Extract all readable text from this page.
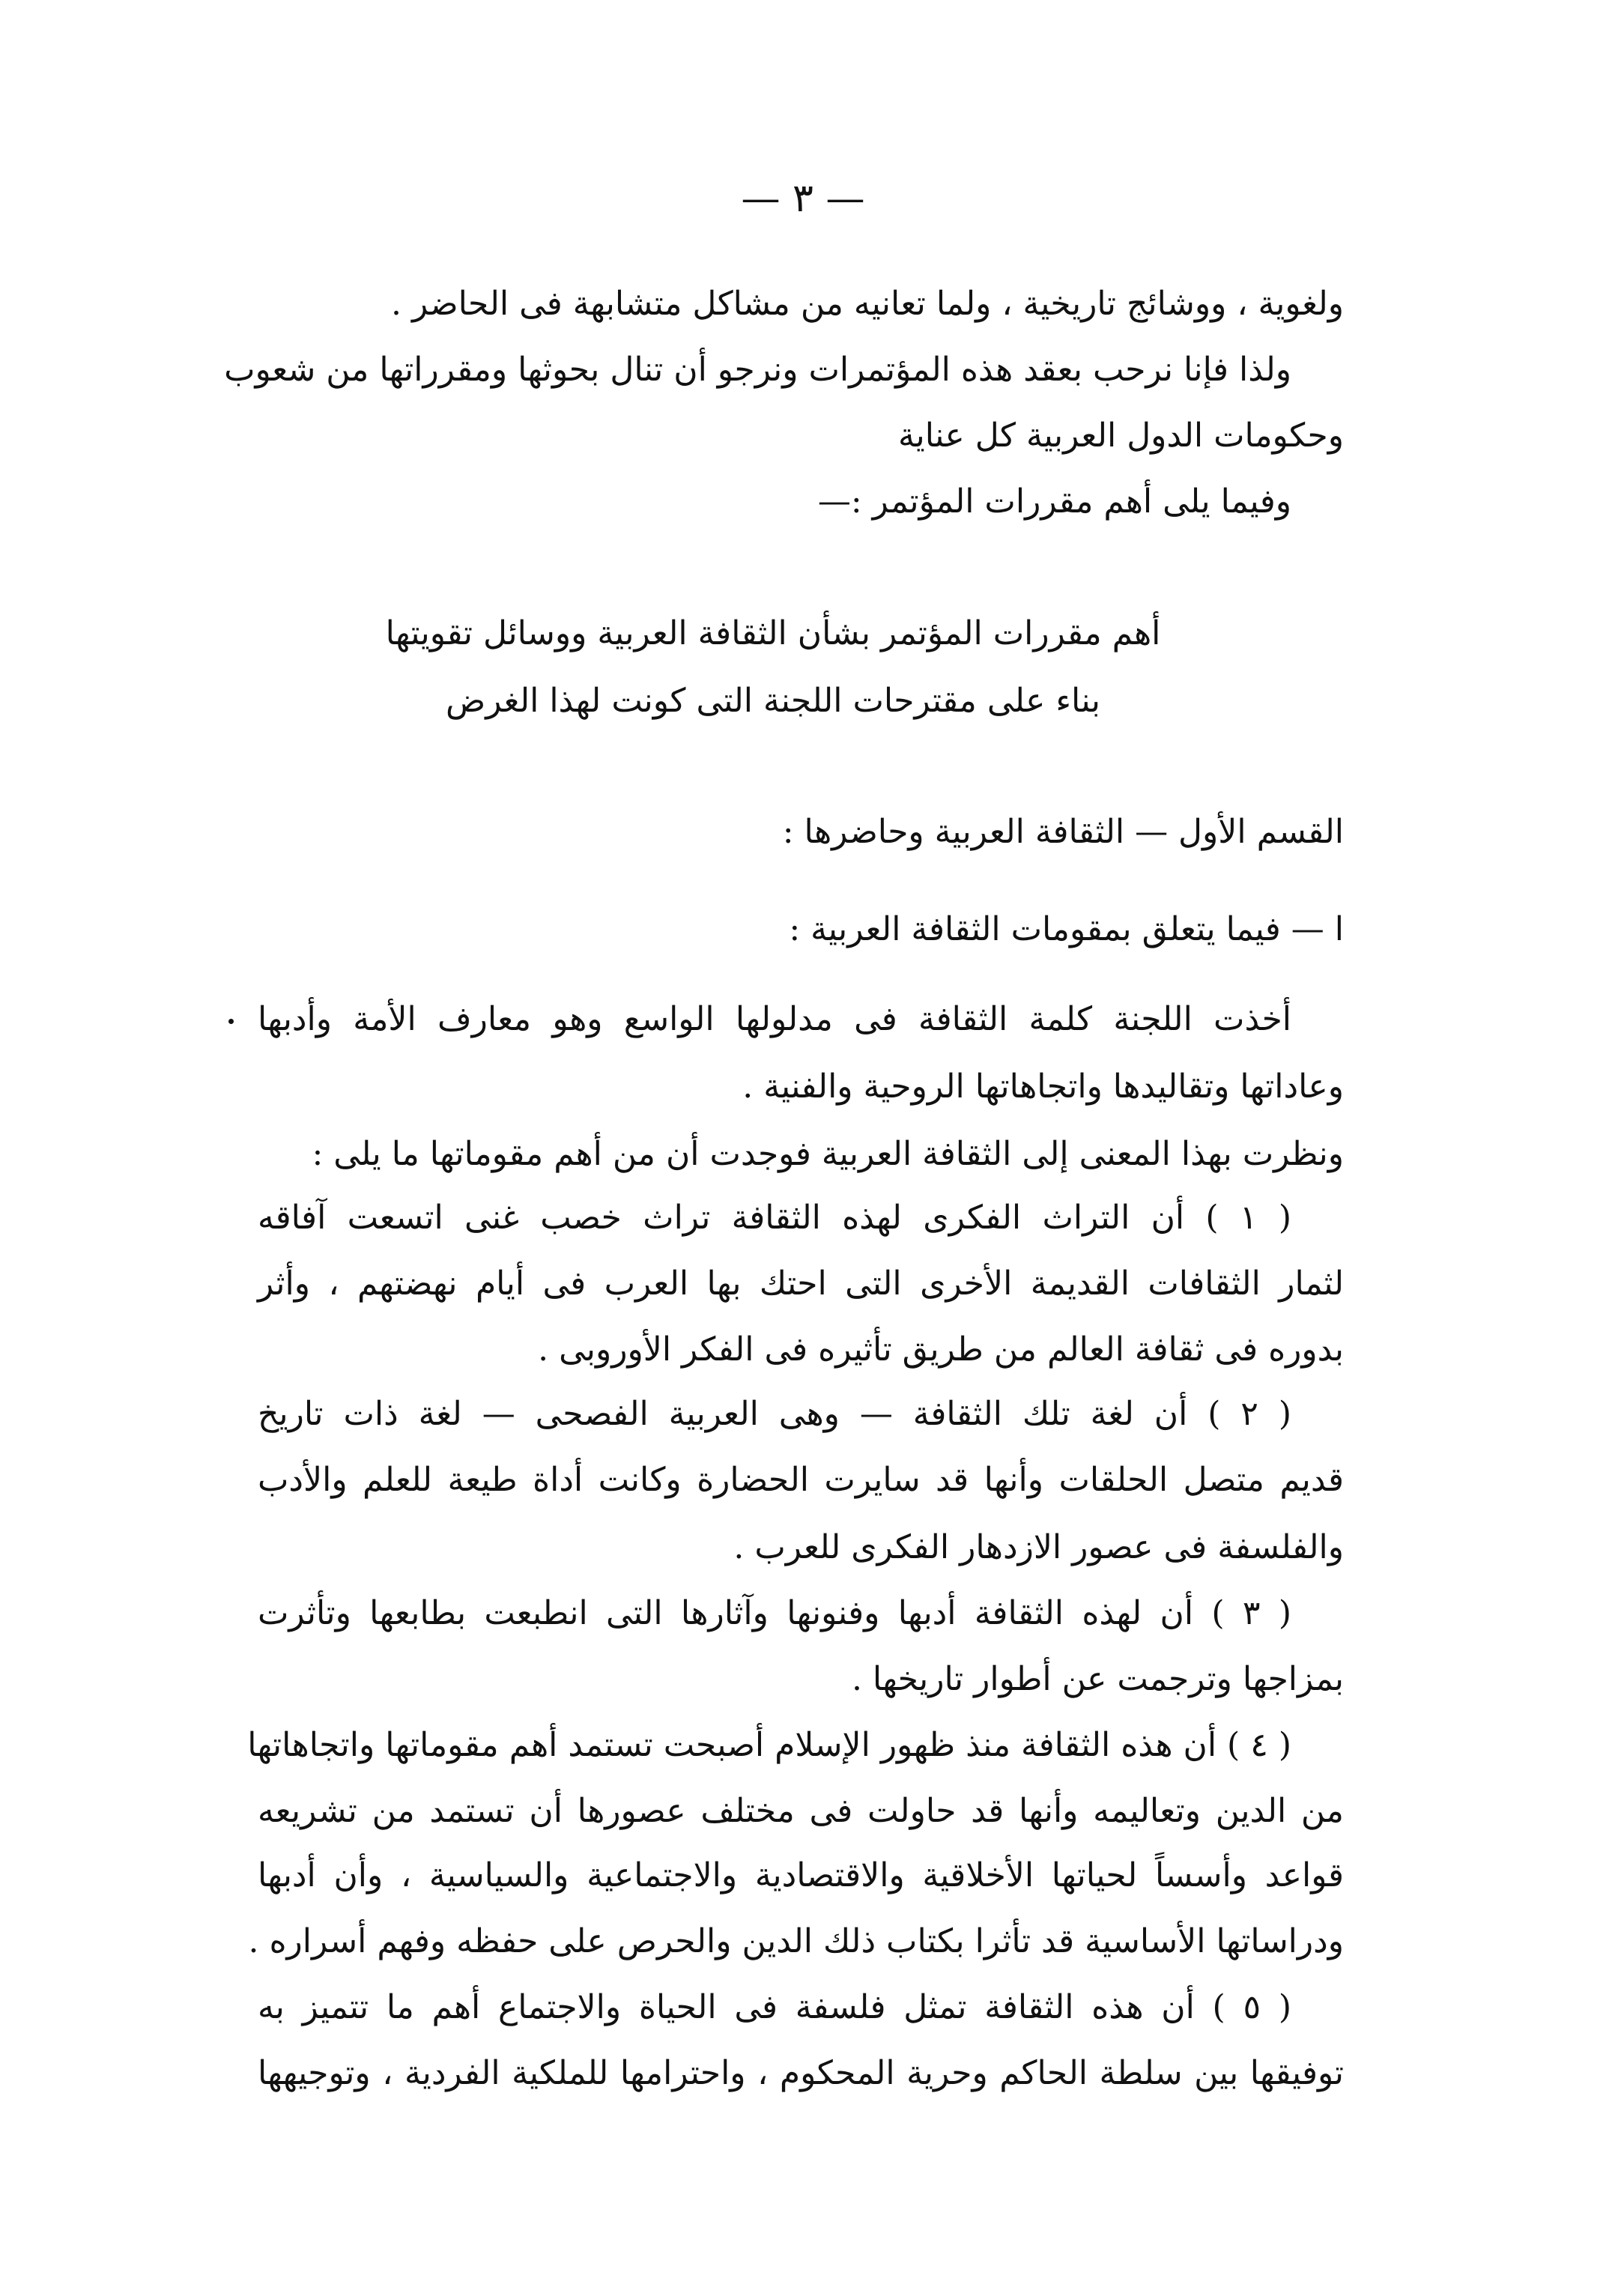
— ٣ —
ولغوية ، ووشائج تاريخية ، ولما تعانيه من مشاكل متشابهة فى الحاضر .
ولذا فإنا نرحب بعقد هذه المؤتمرات ونرجو أن تنال بحوثها ومقرراتها من شعوب
وحكومات الدول العربية كل عناية
وفيما يلى أهم مقررات المؤتمر :—
أهم مقررات المؤتمر بشأن الثقافة العربية ووسائل تقويتها
بناء على مقترحات اللجنة التى كونت لهذا الغرض
القسم الأول — الثقافة العربية وحاضرها :
ا — فيما يتعلق بمقومات الثقافة العربية :
أخذت اللجنة كلمة الثقافة فى مدلولها الواسع وهو معارف الأمة وأدبها
وعاداتها وتقاليدها واتجاهاتها الروحية والفنية .
ونظرت بهذا المعنى إلى الثقافة العربية فوجدت أن من أهم مقوماتها ما يلى :
( ١ ) أن التراث الفكرى لهذه الثقافة تراث خصب غنى اتسعت آفاقه
لثمار الثقافات القديمة الأخرى التى احتك بها العرب فى أيام نهضتهم ، وأثر
بدوره فى ثقافة العالم من طريق تأثيره فى الفكر الأوروبى .
( ٢ ) أن لغة تلك الثقافة — وهى العربية الفصحى — لغة ذات تاريخ
قديم متصل الحلقات وأنها قد سايرت الحضارة وكانت أداة طيعة للعلم والأدب
والفلسفة فى عصور الازدهار الفكرى للعرب .
( ٣ ) أن لهذه الثقافة أدبها وفنونها وآثارها التى انطبعت بطابعها وتأثرت
بمزاجها وترجمت عن أطوار تاريخها .
( ٤ ) أن هذه الثقافة منذ ظهور الإسلام أصبحت تستمد أهم مقوماتها واتجاهاتها
من الدين وتعاليمه وأنها قد حاولت فى مختلف عصورها أن تستمد من تشريعه
قواعد وأسساً لحياتها الأخلاقية والاقتصادية والاجتماعية والسياسية ، وأن أدبها
ودراساتها الأساسية قد تأثرا بكتاب ذلك الدين والحرص على حفظه وفهم أسراره .
( ٥ ) أن هذه الثقافة تمثل فلسفة فى الحياة والاجتماع أهم ما تتميز به
توفيقها بين سلطة الحاكم وحرية المحكوم ، واحترامها للملكية الفردية ، وتوجيهها
